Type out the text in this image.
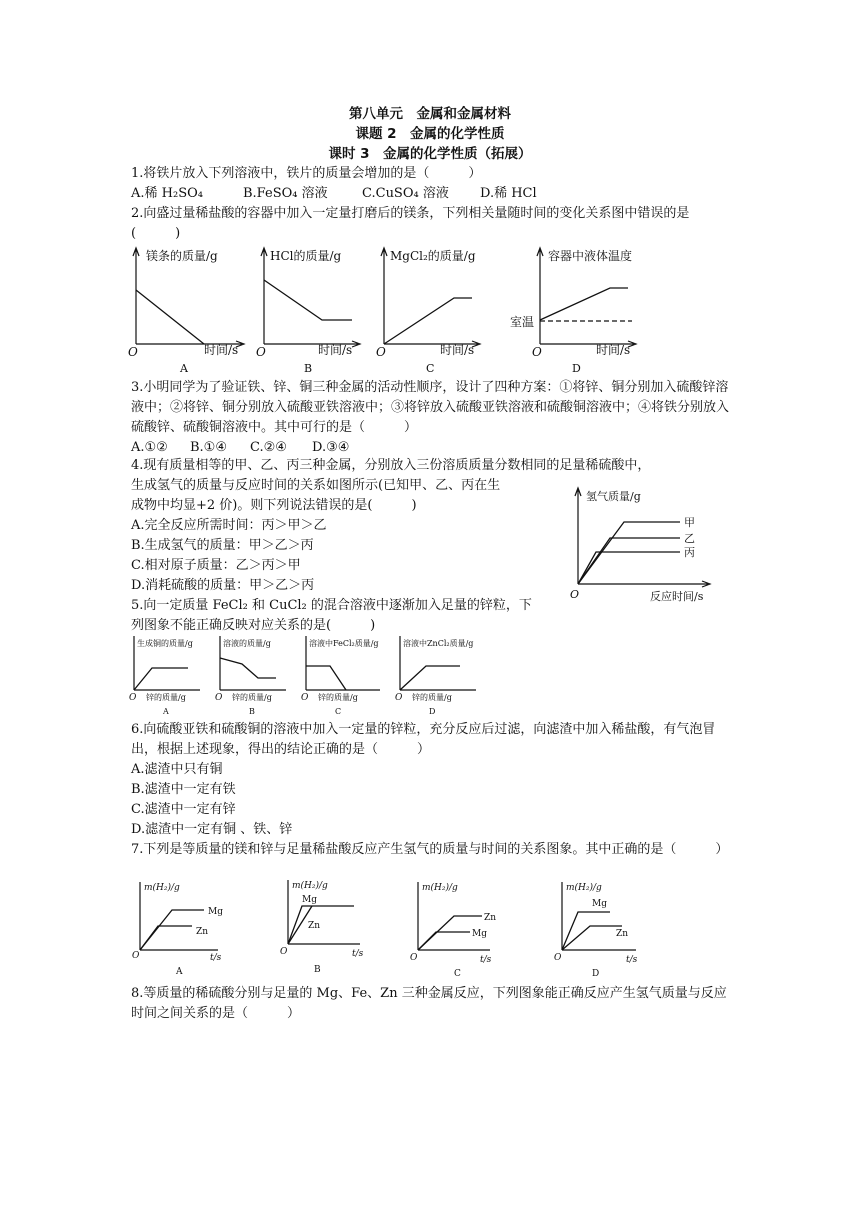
第八单元　金属和金属材料
课题 2　金属的化学性质
课时 3　金属的化学性质（拓展）
1.将铁片放入下列溶液中，铁片的质量会增加的是（　　　）
A.稀 H₂SO₄	B.FeSO₄ 溶液	C.CuSO₄ 溶液 D.稀 HCl
2.向盛过量稀盐酸的容器中加入一定量打磨后的镁条，下列相关量随时间的变化关系图中错误的是(　　　)
镁条的质量/g
O	时间/s
A
HCl的质量/g
O	时间/s
B
MgCl₂的质量/g
O	时间/s
C
容器中液体温度
室温
O	时间/s
D
3.小明同学为了验证铁、锌、铜三种金属的活动性顺序，设计了四种方案：①将锌、铜分别加入硫酸锌溶液中；②将锌、铜分别放入硫酸亚铁溶液中；③将锌放入硫酸亚铁溶液和硫酸铜溶液中；④将铁分别放入硫酸锌、硫酸铜溶液中。其中可行的是（　　　）
A.①② B.①④ C.②④ D.③④
4.现有质量相等的甲、乙、丙三种金属，分别放入三份溶质质量分数相同的足量稀硫酸中，
生成氢气的质量与反应时间的关系如图所示(已知甲、乙、丙在生
成物中均显+2 价)。则下列说法错误的是(　　　)
A.完全反应所需时间：丙＞甲＞乙
B.生成氢气的质量：甲＞乙＞丙
C.相对原子质量：乙＞丙＞甲
D.消耗硫酸的质量：甲＞乙＞丙
氢气质量/g
甲
乙
丙
O	反应时间/s
5.向一定质量 FeCl₂ 和 CuCl₂ 的混合溶液中逐渐加入足量的锌粒，下
列图象不能正确反映对应关系的是(　　　)
生成铜的质量/g
O 锌的质量/g
A
溶液的质量/g
O 锌的质量/g
B
溶液中FeCl₂质量/g
O 锌的质量/g
C
溶液中ZnCl₂质量/g
O 锌的质量/g
D
6.向硫酸亚铁和硫酸铜的溶液中加入一定量的锌粒，充分反应后过滤，向滤渣中加入稀盐酸，有气泡冒出，根据上述现象，得出的结论正确的是（　　　）
A.滤渣中只有铜
B.滤渣中一定有铁
C.滤渣中一定有锌
D.滤渣中一定有铜 、铁、锌
7.下列是等质量的镁和锌与足量稀盐酸反应产生氢气的质量与时间的关系图象。其中正确的是（　　　）
m(H₂)/g
Mg
Zn
O	t/s
A
m(H₂)/g
Mg
Zn
O	t/s
B
m(H₂)/g
Zn
Mg
O	t/s
C
m(H₂)/g
Mg
Zn
O	t/s
D
8.等质量的稀硫酸分别与足量的 Mg、Fe、Zn 三种金属反应，下列图象能正确反应产生氢气质量与反应时间之间关系的是（　　　）
